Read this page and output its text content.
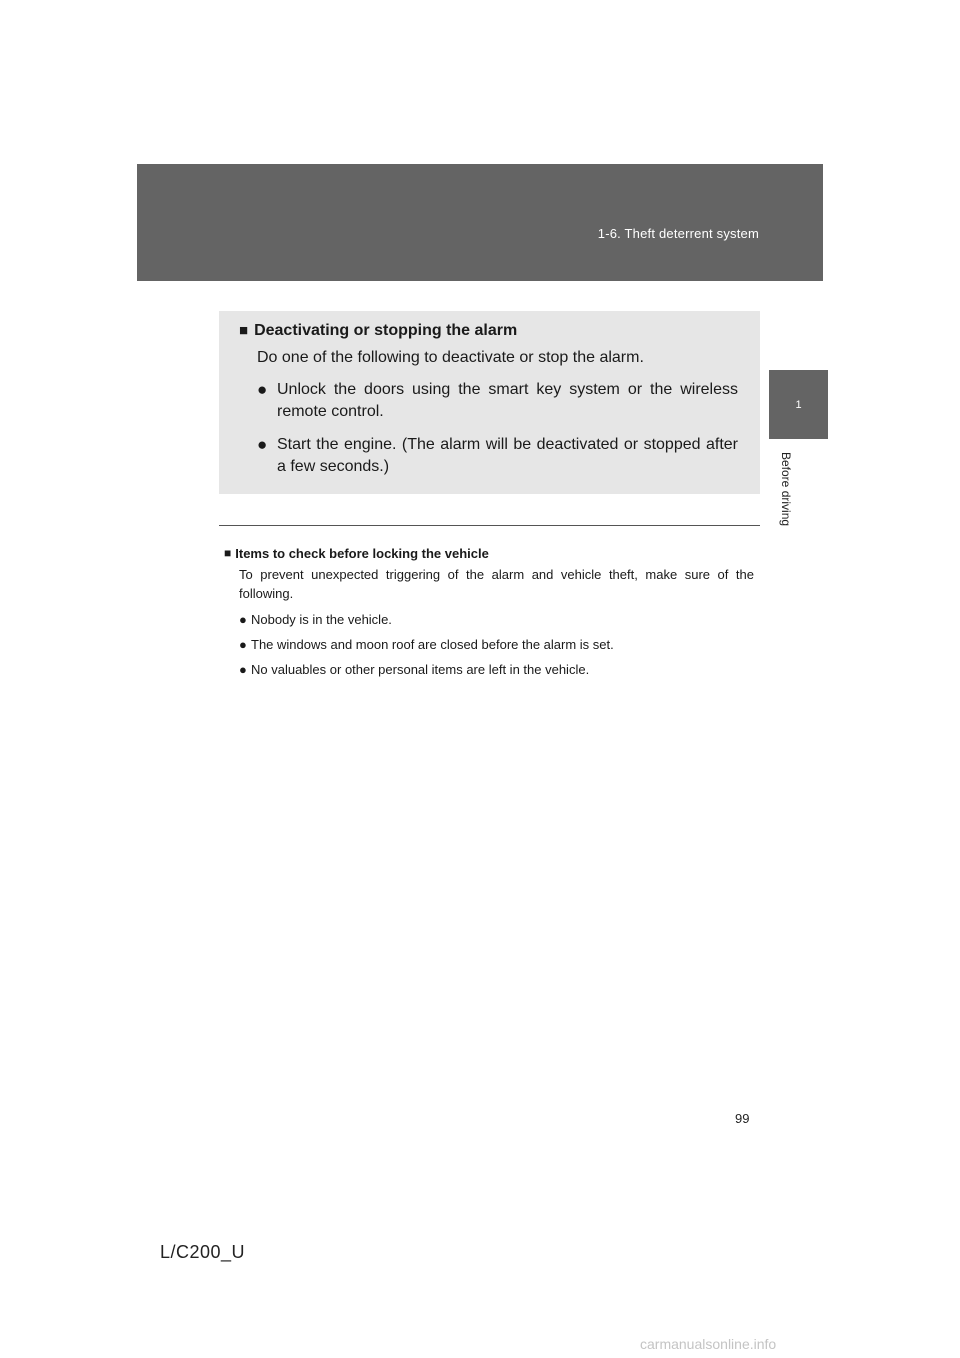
1-6. Theft deterrent system
1
Before driving
■ Deactivating or stopping the alarm
Do one of the following to deactivate or stop the alarm.
● Unlock the doors using the smart key system or the wireless remote control.
● Start the engine. (The alarm will be deactivated or stopped after a few seconds.)
■ Items to check before locking the vehicle
To prevent unexpected triggering of the alarm and vehicle theft, make sure of the following.
● Nobody is in the vehicle.
● The windows and moon roof are closed before the alarm is set.
● No valuables or other personal items are left in the vehicle.
99
L/C200_U
carmanualsonline.info
